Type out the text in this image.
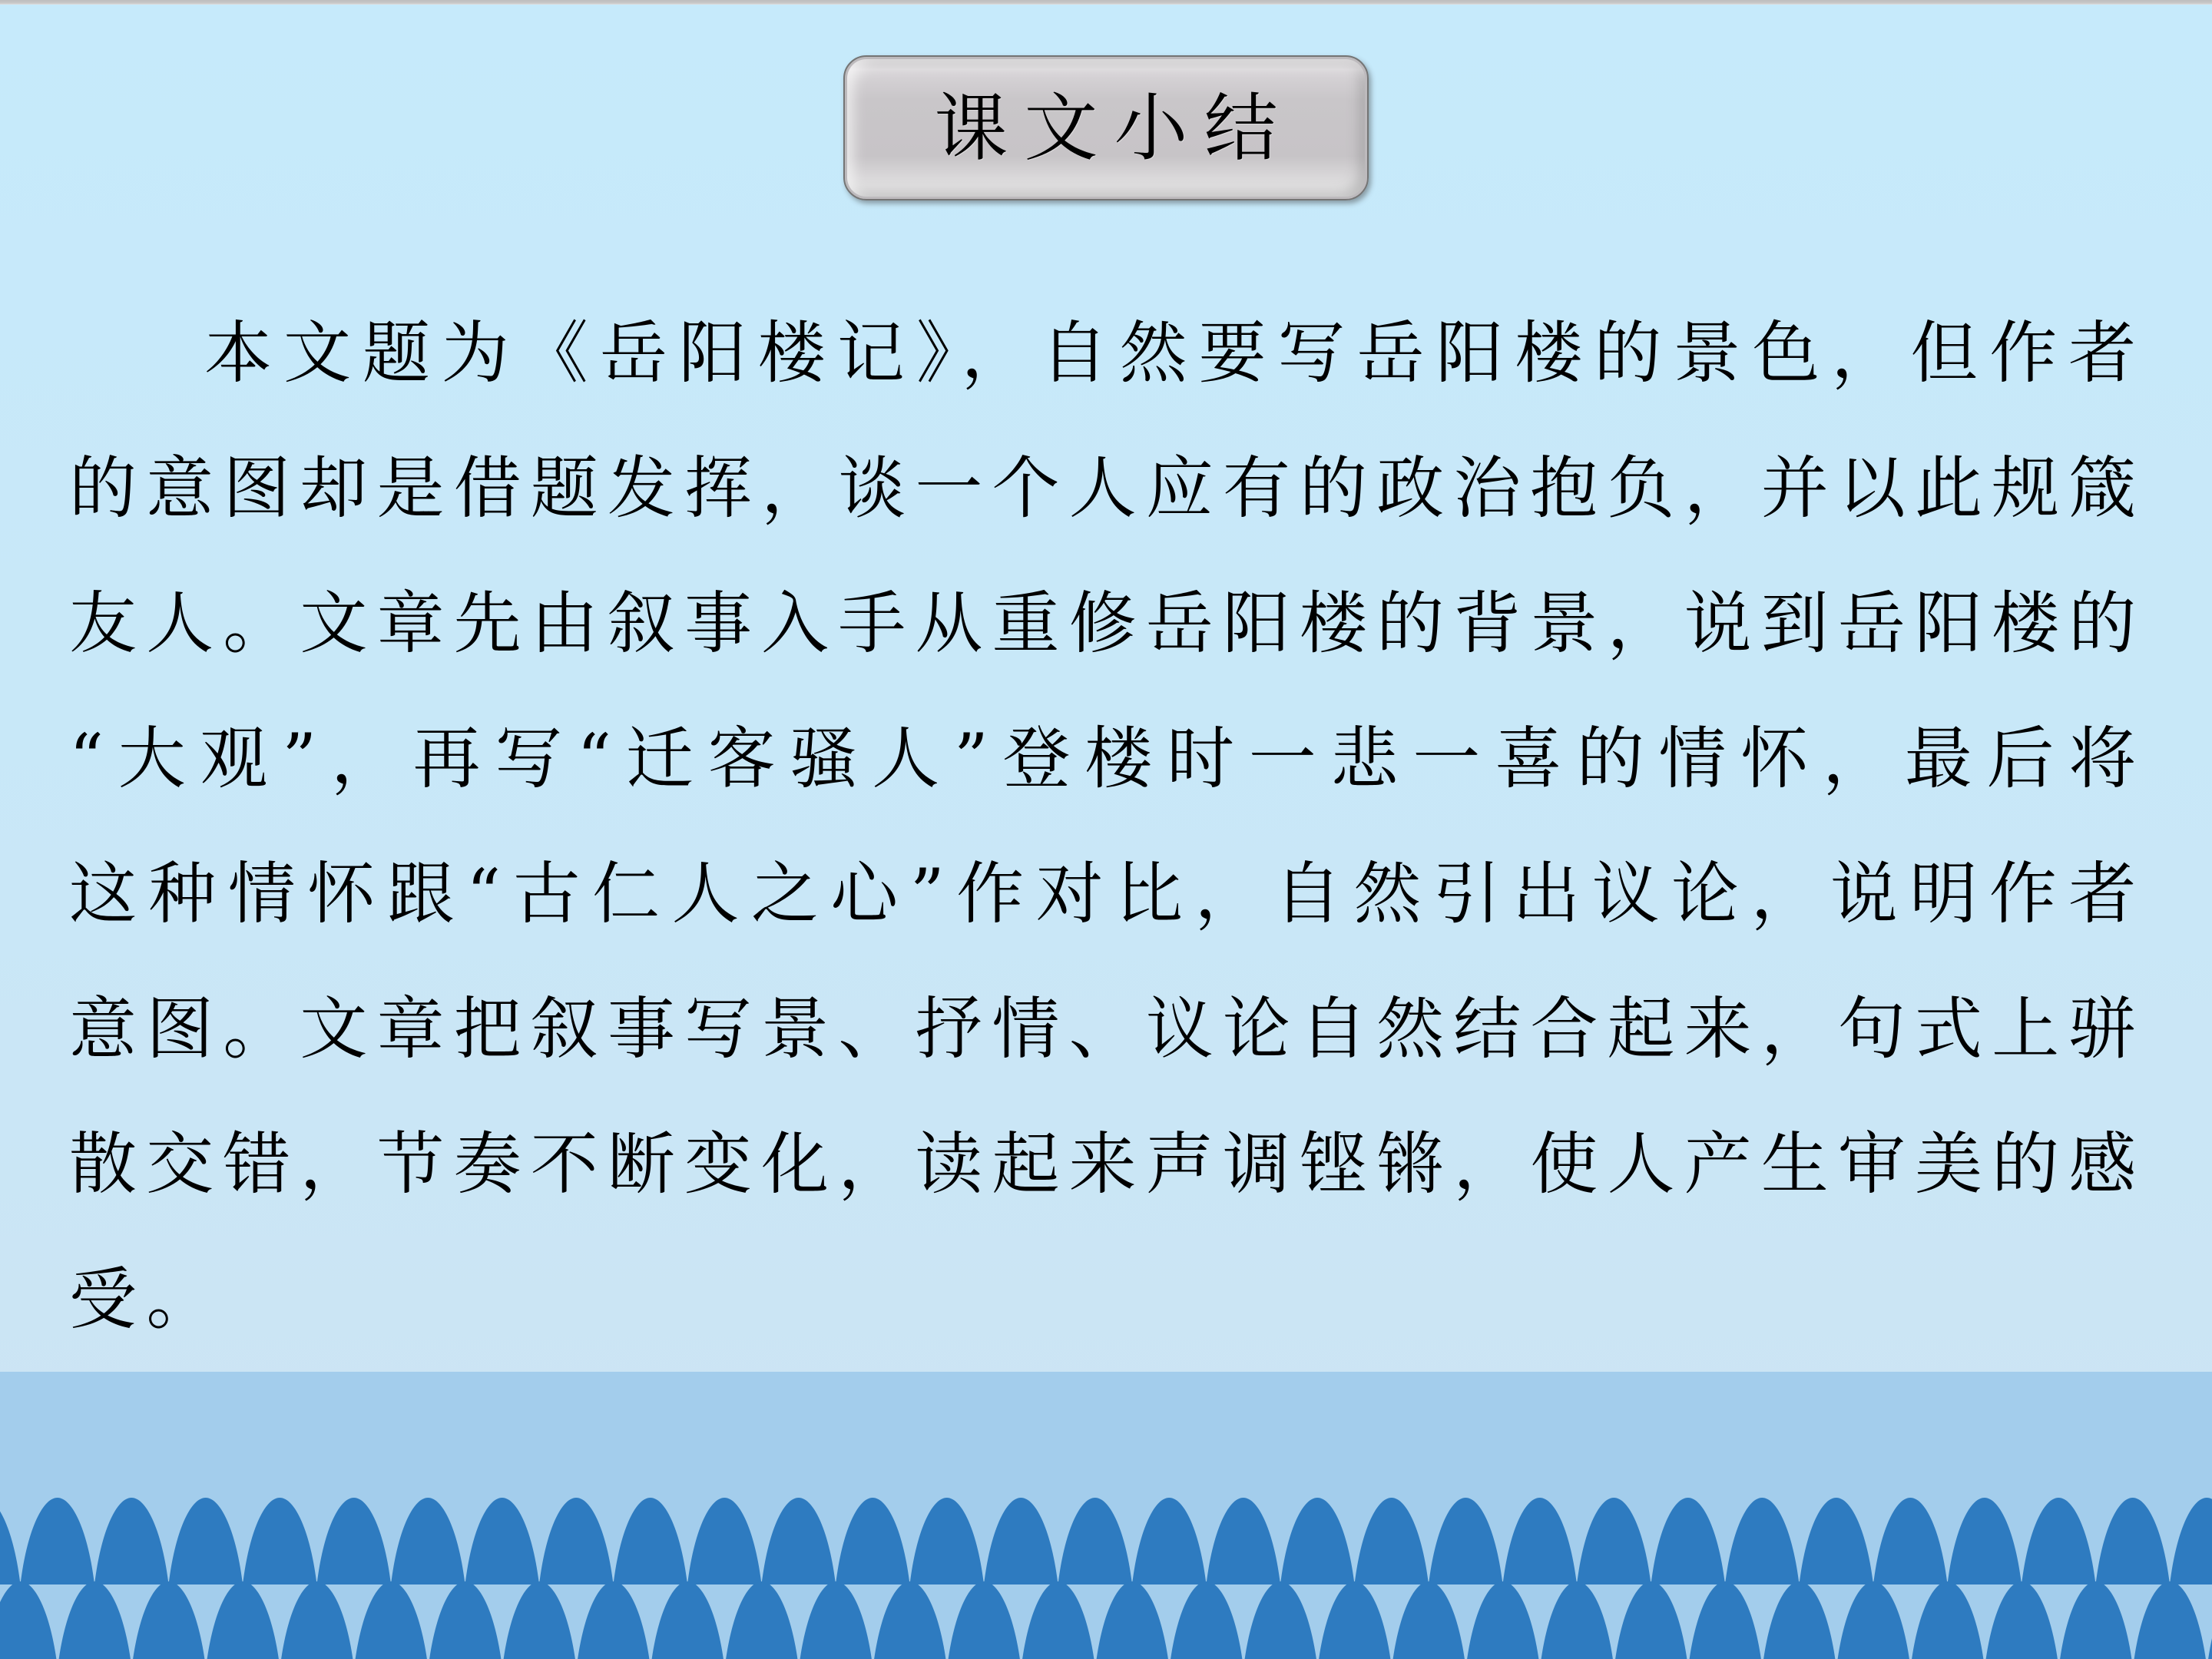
课文小结
本文题为《岳阳楼记》，自然要写岳阳楼的景色，但作者
的意图却是借题发挥，谈一个人应有的政治抱负，并以此规箴
友人。文章先由叙事入手从重修岳阳楼的背景，说到岳阳楼的
“大观”，再写“迁客骚人”登楼时一悲一喜的情怀，最后将
这种情怀跟“古仁人之心”作对比，自然引出议论，说明作者
意图。文章把叙事写景、抒情、议论自然结合起来，句式上骈
散交错，节奏不断变化，读起来声调铿锵，使人产生审美的感
受。
